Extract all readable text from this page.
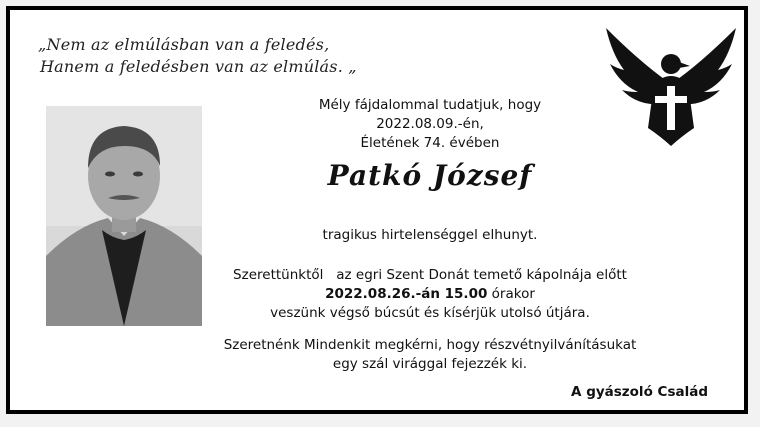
„Nem az elmúlásban van a feledés,
Hanem a feledésben van az elmúlás. „
Mély fájdalommal tudatjuk, hogy
2022.08.09.-én,
Életének 74. évében
Patkó József
tragikus hirtelenséggel elhunyt.
Szerettünktől   az egri Szent Donát temető kápolnája előtt
2022.08.26.-án 15.00 órakor
veszünk végső búcsút és kísérjük utolsó útjára.
Szeretnénk Mindenkit megkérni, hogy részvétnyilvánításukat
egy szál virággal fejezzék ki.
A gyászoló Család
